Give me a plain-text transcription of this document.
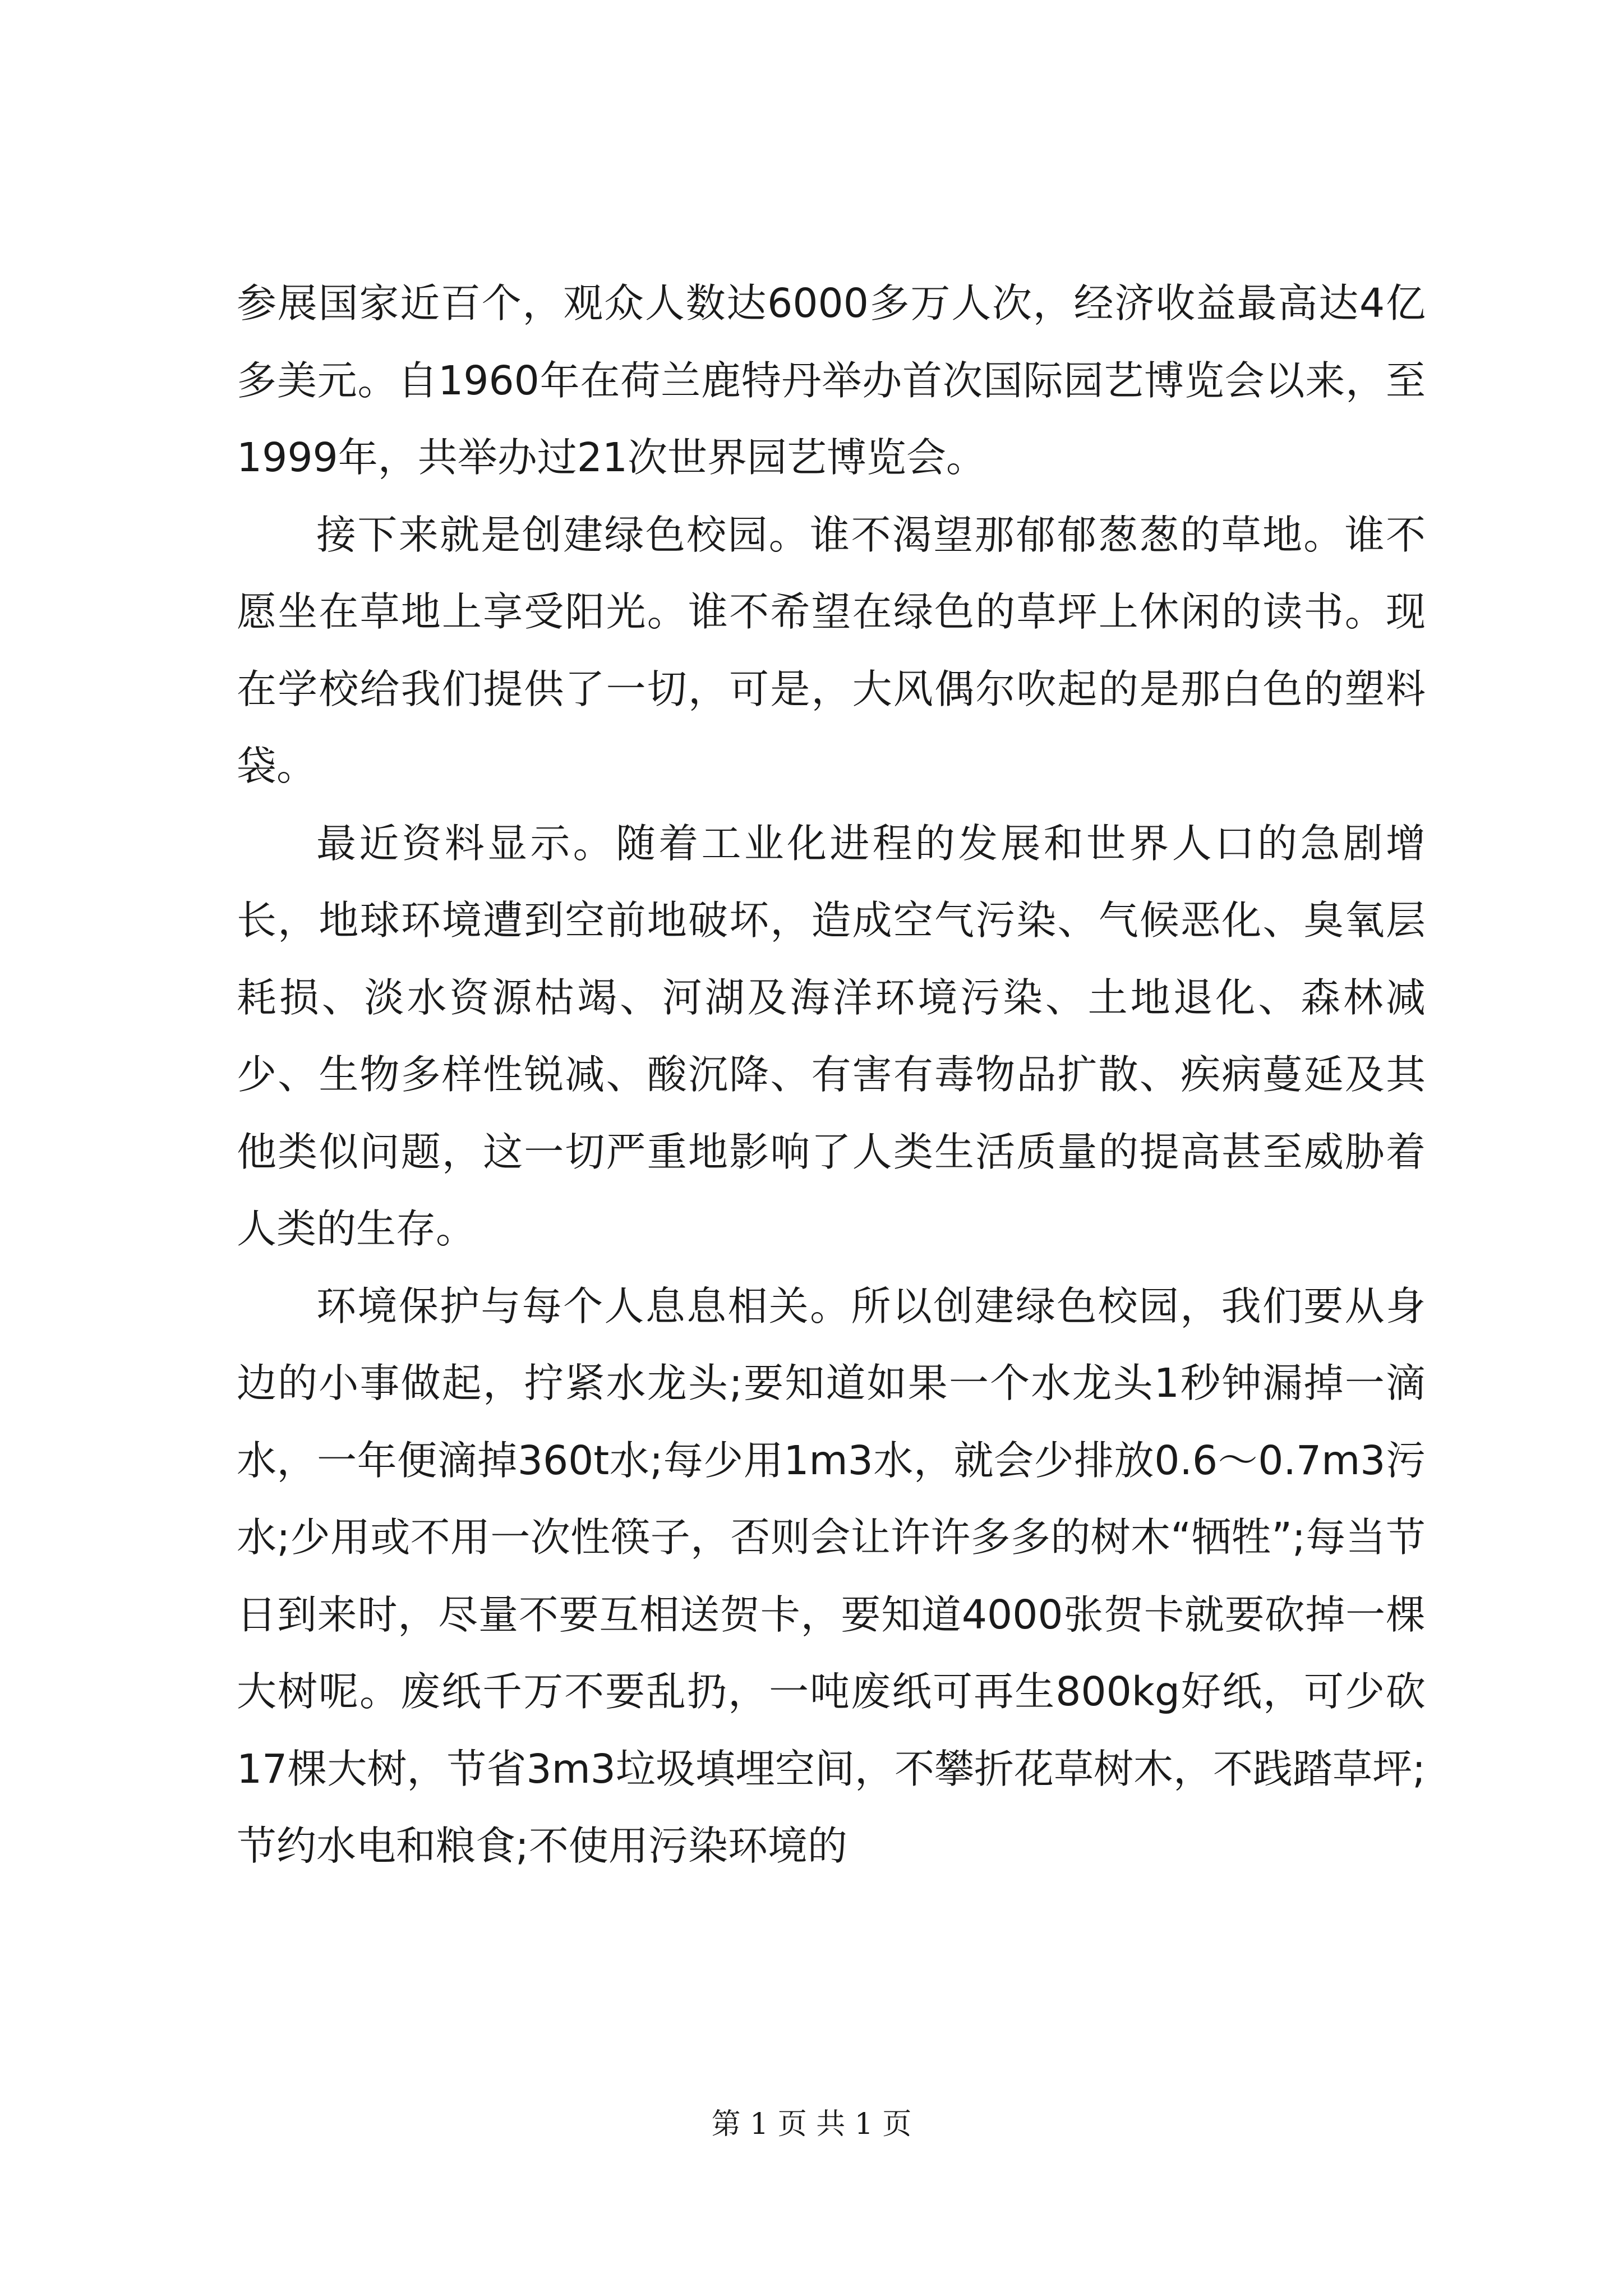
参展国家近百个，观众人数达6000多万人次，经济收益最高达4亿多美元。自1960年在荷兰鹿特丹举办首次国际园艺博览会以来，至1999年，共举办过21次世界园艺博览会。

接下来就是创建绿色校园。谁不渴望那郁郁葱葱的草地。谁不愿坐在草地上享受阳光。谁不希望在绿色的草坪上休闲的读书。现在学校给我们提供了一切，可是，大风偶尔吹起的是那白色的塑料袋。

最近资料显示。随着工业化进程的发展和世界人口的急剧增长，地球环境遭到空前地破坏，造成空气污染、气候恶化、臭氧层耗损、淡水资源枯竭、河湖及海洋环境污染、土地退化、森林减少、生物多样性锐减、酸沉降、有害有毒物品扩散、疾病蔓延及其他类似问题，这一切严重地影响了人类生活质量的提高甚至威胁着人类的生存。

环境保护与每个人息息相关。所以创建绿色校园，我们要从身边的小事做起，拧紧水龙头;要知道如果一个水龙头1秒钟漏掉一滴水，一年便滴掉360t水;每少用1m3水，就会少排放0.6～0.7m3污水;少用或不用一次性筷子，否则会让许许多多的树木“牺牲”;每当节日到来时，尽量不要互相送贺卡，要知道4000张贺卡就要砍掉一棵大树呢。废纸千万不要乱扔，一吨废纸可再生800kg好纸，可少砍17棵大树，节省3m3垃圾填埋空间，不攀折花草树木，不践踏草坪;节约水电和粮食;不使用污染环境的

第 1 页 共 1 页
